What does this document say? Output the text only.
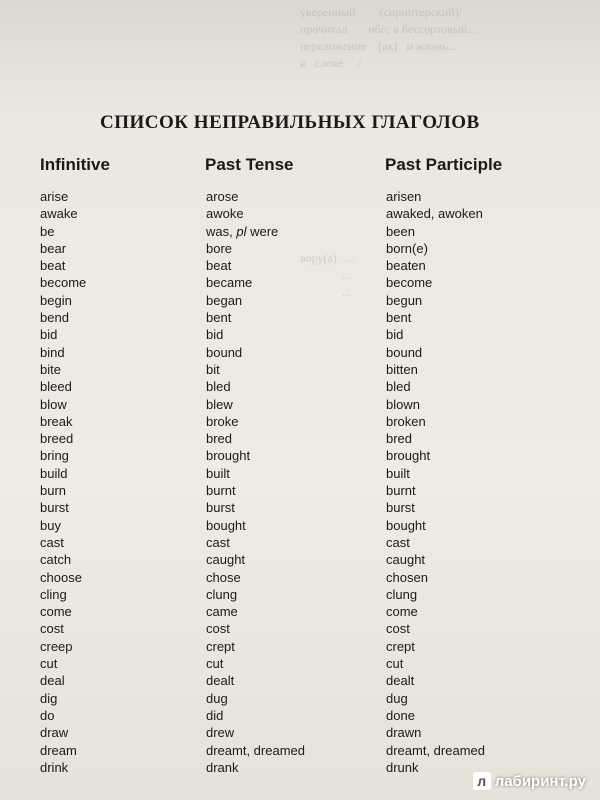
уверенный        (спринтерский)/
прочитал       ибо; в бессортовый...
переложение    [ак]   и жизнь...
в   слове     /
вору(а)   ...
...
...
СПИСОК НЕПРАВИЛЬНЫХ ГЛАГОЛОВ
Infinitive	Past Tense	Past Participle
arise	arose	arisen
awake	awoke	awaked, awoken
be	was, pl were	been
bear	bore	born(e)
beat	beat	beaten
become	became	become
begin	began	begun
bend	bent	bent
bid	bid	bid
bind	bound	bound
bite	bit	bitten
bleed	bled	bled
blow	blew	blown
break	broke	broken
breed	bred	bred
bring	brought	brought
build	built	built
burn	burnt	burnt
burst	burst	burst
buy	bought	bought
cast	cast	cast
catch	caught	caught
choose	chose	chosen
cling	clung	clung
come	came	come
cost	cost	cost
creep	crept	crept
cut	cut	cut
deal	dealt	dealt
dig	dug	dug
do	did	done
draw	drew	drawn
dream	dreamt, dreamed	dreamt, dreamed
drink	drank	drunk
л лабиринт.ру
